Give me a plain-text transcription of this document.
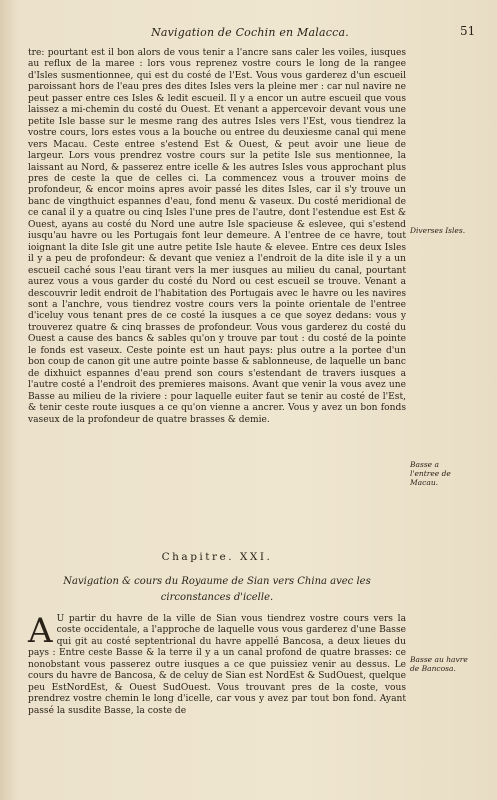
Navigation de Cochin en Malacca.	51

tre: pourtant est il bon alors de vous tenir a l'ancre sans caler les voiles, iusques au reflux de la maree : lors vous reprenez vostre cours le long de la rangee d'Isles susmentionnee, qui est du costé de l'Est. Vous vous garderez d'un escueil paroissant hors de l'eau pres des dites Isles vers la pleine mer : car nul navire ne peut passer entre ces Isles & ledit escueil. Il y a encor un autre escueil que vous laissez a mi-chemin du costé du Ouest. Et venant a appercevoir devant vous une petite Isle basse sur le mesme rang des autres Isles vers l'Est, vous tiendrez la vostre cours, lors estes vous a la bouche ou entree du deuxiesme canal qui mene vers Macau. Ceste entree s'estend Est & Ouest, & peut avoir une lieue de largeur. Lors vous prendrez vostre cours sur la petite Isle sus mentionnee, la laissant au Nord, & passerez entre icelle & les autres Isles vous approchant plus pres de ceste la que de celles ci. La commencez vous a trouver moins de profondeur, & encor moins apres avoir passé les dites Isles, car il s'y trouve un banc de vingthuict espannes d'eau, fond menu & vaseux. Du costé meridional de ce canal il y a quatre ou cinq Isles l'une pres de l'autre, dont l'estendue est Est & Ouest, ayans au costé du Nord une autre Isle spacieuse & eslevee, qui s'estend iusqu'au havre ou les Portugais font leur demeure. A l'entree de ce havre, tout ioignant la dite Isle git une autre petite Isle haute & elevee. Entre ces deux Isles il y a peu de profondeur: & devant que veniez a l'endroit de la dite isle il y a un escueil caché sous l'eau tirant vers la mer iusques au milieu du canal, pourtant aurez vous a vous garder du costé du Nord ou cest escueil se trouve. Venant a descouvrir ledit endroit de l'habitation des Portugais avec le havre ou les navires sont a l'anchre, vous tiendrez vostre cours vers la pointe orientale de l'entree d'iceluy vous tenant pres de ce costé la iusques a ce que soyez dedans: vous y trouverez quatre & cinq brasses de profondeur. Vous vous garderez du costé du Ouest a cause des bancs & sables qu'on y trouve par tout : du costé de la pointe le fonds est vaseux. Ceste pointe est un haut pays: plus outre a la portee d'un bon coup de canon git une autre pointe basse & sablonneuse, de laquelle un banc de dixhuict espannes d'eau prend son cours s'estendant de travers iusques a l'autre costé a l'endroit des premieres maisons. Avant que venir la vous avez une Basse au milieu de la riviere : pour laquelle euiter faut se tenir au costé de l'Est, & tenir ceste route iusques a ce qu'on vienne a ancrer. Vous y avez un bon fonds vaseux de la profondeur de quatre brasses & demie.

Diverses Isles.
Basse a l'entree de Macau.
Basse au havre de Bancosa.
Chapitre. XXI.
Navigation & cours du Royaume de Sian vers China avec les circonstances d'icelle.
A U partir du havre de la ville de Sian vous tiendrez vostre cours vers la coste occidentale, a l'approche de laquelle vous vous garderez d'une Basse qui git au costé septentrional du havre appellé Bancosa, a deux lieues du pays : Entre ceste Basse & la terre il y a un canal profond de quatre brasses: ce nonobstant vous passerez outre iusques a ce que puissiez venir au dessus. Le cours du havre de Bancosa, & de celuy de Sian est NordEst & SudOuest, quelque peu EstNordEst, & Ouest SudOuest. Vous trouvant pres de la coste, vous prendrez vostre chemin le long d'icelle, car vous y avez par tout bon fond. Ayant passé la susdite Basse, la coste de
